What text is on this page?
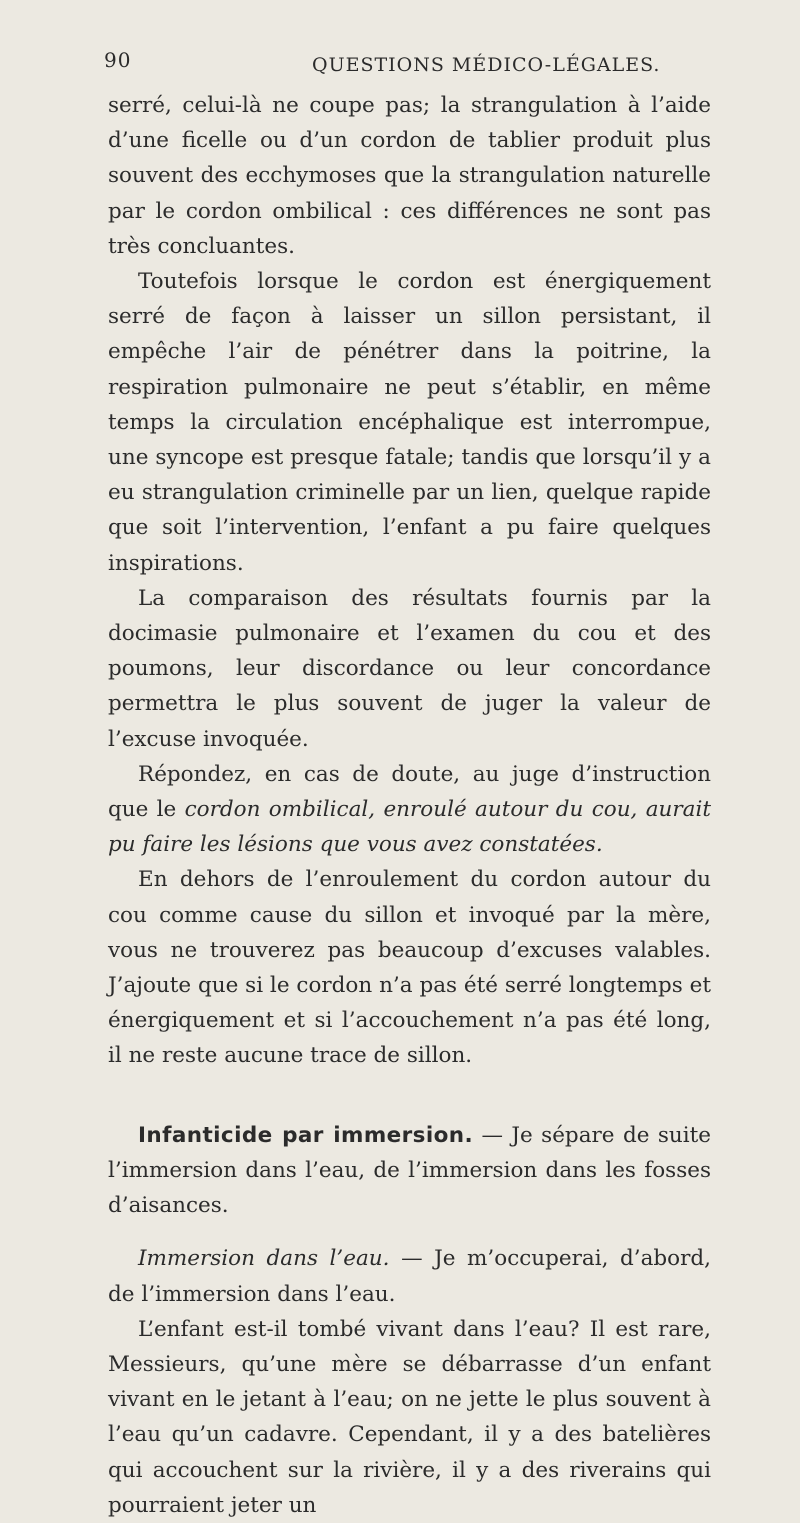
90	QUESTIONS MÉDICO-LÉGALES.

serré, celui-là ne coupe pas; la strangulation à l’aide d’une ficelle ou d’un cordon de tablier produit plus souvent des ecchymoses que la strangulation naturelle par le cordon ombilical : ces différences ne sont pas très concluantes.

Toutefois lorsque le cordon est énergiquement serré de façon à laisser un sillon persistant, il empêche l’air de pénétrer dans la poitrine, la respiration pulmonaire ne peut s’établir, en même temps la circulation encéphalique est interrompue, une syncope est presque fatale; tandis que lorsqu’il y a eu strangulation criminelle par un lien, quelque rapide que soit l’intervention, l’enfant a pu faire quelques inspirations.

La comparaison des résultats fournis par la docimasie pulmonaire et l’examen du cou et des poumons, leur discordance ou leur concordance permettra le plus souvent de juger la valeur de l’excuse invoquée.

Répondez, en cas de doute, au juge d’instruction que le cordon ombilical, enroulé autour du cou, aurait pu faire les lésions que vous avez constatées.

En dehors de l’enroulement du cordon autour du cou comme cause du sillon et invoqué par la mère, vous ne trouverez pas beaucoup d’excuses valables. J’ajoute que si le cordon n’a pas été serré longtemps et énergiquement et si l’accouchement n’a pas été long, il ne reste aucune trace de sillon.

Infanticide par immersion. — Je sépare de suite l’immersion dans l’eau, de l’immersion dans les fosses d’aisances.

Immersion dans l’eau. — Je m’occuperai, d’abord, de l’immersion dans l’eau.

L’enfant est-il tombé vivant dans l’eau? Il est rare, Messieurs, qu’une mère se débarrasse d’un enfant vivant en le jetant à l’eau; on ne jette le plus souvent à l’eau qu’un cadavre. Cependant, il y a des batelières qui accouchent sur la rivière, il y a des riverains qui pourraient jeter un
